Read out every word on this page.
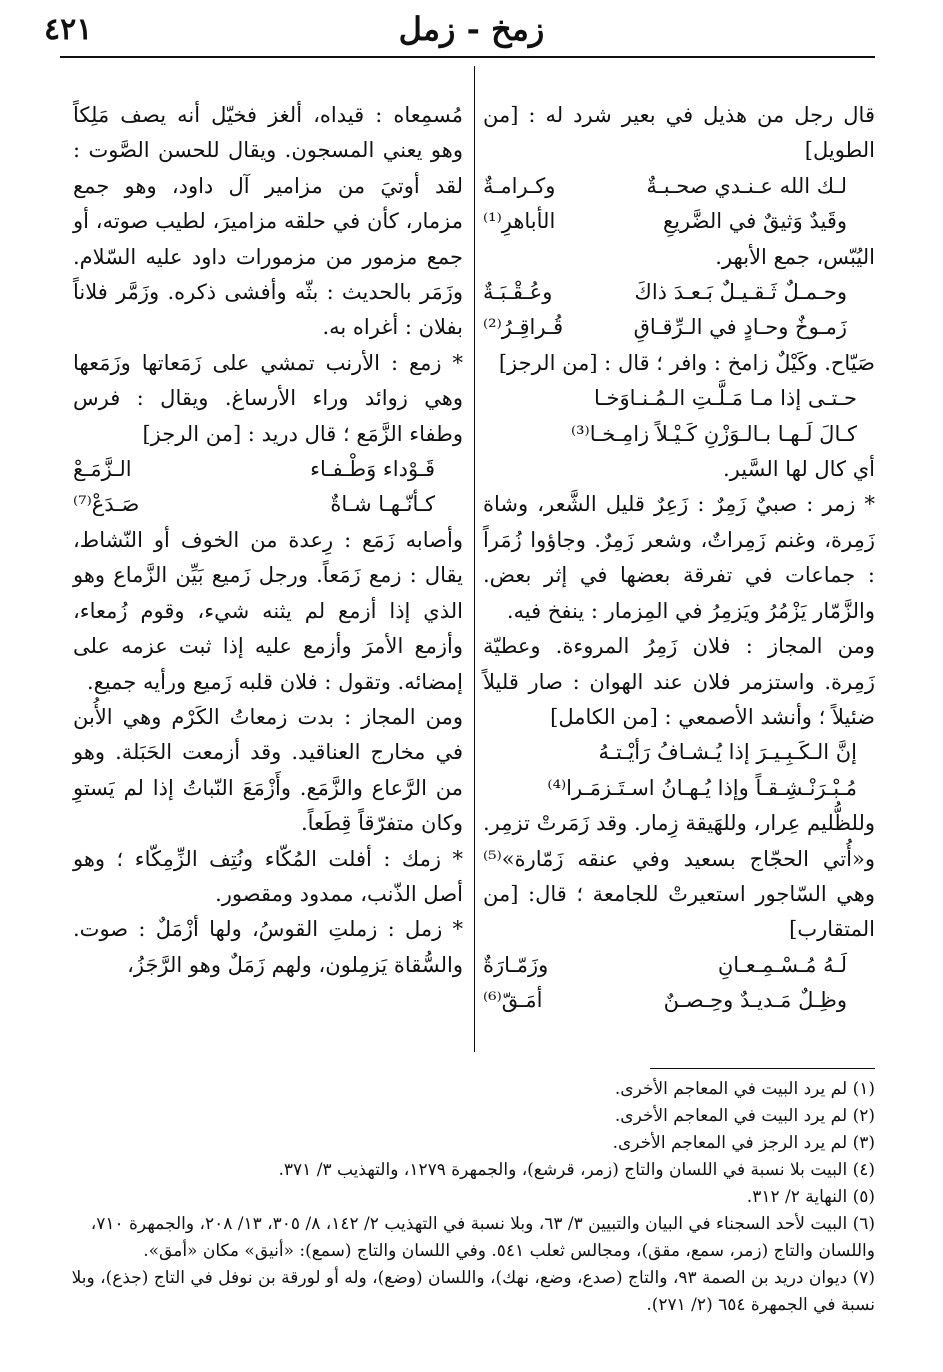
٤٢١	زمخ - زمل

قال رجل من هذيل في بعير شرد له : [من الطويل]

لـك الله عـنـدي صحـبـةٌ
وكـرامـةٌ
وقَيدٌ وَثيقٌ في الضَّريعِ
الأباهرِ⁽¹⁾

اليُبّس، جمع الأبهر.

وحـمـلٌ ثَـقـيـلٌ بَـعـدَ ذاكَ
وعُـقْـبَـةٌ
زَمـوخٌ وحـادٍ في الـرِّقـاقِ
قُـراقِـرُ⁽²⁾

صَيّاح. وكَيْلٌ زامخ : وافر ؛ قال : [من الرجز]

حـتـى إذا مـا مَـلَّـتِ الـمُـنـاوَخـا
كـالَ لَـهـا بـالـوَزْنِ كَـيْـلاً زامِـخـا⁽³⁾

أي كال لها السَّير.

* زمر : صبيٌ زَمِرٌ : زَعِرٌ قليل الشَّعر، وشاة زَمِرة، وغنم زَمِراتٌ، وشعر زَمِرٌ. وجاؤوا زُمَراً : جماعات في تفرقة بعضها في إثر بعض. والزَّمّار يَزْمُرُ ويَزمِرُ في المِزمار : ينفخ فيه.

ومن المجاز : فلان زَمِرُ المروءة. وعطيّة زَمِرة. واستزمر فلان عند الهوان : صار قليلاً ضئيلاً ؛ وأنشد الأصمعي : [من الكامل]

إنَّ الـكَـبِـيـرَ إذا يُـشـافُ رَأيْـتـهُ
مُـبْـرَنْـشِـقـاً وإذا يُـهـانُ اسـتَـزمَـرا⁽⁴⁾

وللظُّليم عِرار، وللهَيقة زِمار. وقد زَمَرتْ تزمِر. و«أُتي الحجّاج بسعيد وفي عنقه زَمّارة»⁽⁵⁾ وهي السّاجور استعيرتْ للجامعة ؛ قال: [من المتقارب]

لَـهُ مُـسْـمِـعـانِ
وزَمّـارَةٌ
وظِـلٌ مَـديـدٌ وحِـصـنٌ
أمَـقّ⁽⁶⁾

مُسمِعاه : قيداه، ألغز فخيّل أنه يصف مَلِكاً وهو يعني المسجون. ويقال للحسن الصَّوت : لقد أوتيَ من مزامير آل داود، وهو جمع مزمار، كأن في حلقه مزاميرَ، لطيب صوته، أو جمع مزمور من مزمورات داود عليه السّلام. وزَمَر بالحديث : بثّه وأفشى ذكره. وزَمَّر فلاناً بفلان : أغراه به.

* زمع : الأرنب تمشي على زَمَعاتها وزَمَعها وهي زوائد وراء الأرساغ. ويقال : فرس وطفاء الزَّمَع ؛ قال دريد : [من الرجز]

قَـوْداء وَطْـفـاء
الـزَّمَـعْ
كـأنّـهـا شـاةٌ
صَـدَعْ⁽⁷⁾

وأصابه زَمَع : رِعدة من الخوف أو النّشاط، يقال : زمع زَمَعاً. ورجل زَميع بَيِّن الزَّماع وهو الذي إذا أزمع لم يثنه شيء، وقوم زُمعاء، وأزمع الأمرَ وأزمع عليه إذا ثبت عزمه على إمضائه. وتقول : فلان قلبه زَميع ورأيه جميع.

ومن المجاز : بدت زمعاتُ الكَرْم وهي الأُبن في مخارج العناقيد. وقد أزمعت الحَبَلة. وهو من الرَّعاع والزَّمَع. وأَزْمَعَ النّباتُ إذا لم يَستوِ وكان متفرّقاً قِطَعاً.

* زمك : أفلت المُكّاء ونُتِف الزِّمِكّاء ؛ وهو أصل الذّنب، ممدود ومقصور.

* زمل : زملتِ القوسُ، ولها أزْمَلٌ : صوت. والسُّقاة يَزمِلون، ولهم زَمَلٌ وهو الرَّجَزُ،

(١) لم يرد البيت في المعاجم الأخرى.

(٢) لم يرد البيت في المعاجم الأخرى.

(٣) لم يرد الرجز في المعاجم الأخرى.

(٤) البيت بلا نسبة في اللسان والتاج (زمر، قرشع)، والجمهرة ١٢٧٩، والتهذيب ٣/ ٣٧١.

(٥) النهاية ٢/ ٣١٢.

(٦) البيت لأحد السجناء في البيان والتبيين ٣/ ٦٣، وبلا نسبة في التهذيب ٢/ ١٤٢، ٨/ ٣٠٥، ١٣/ ٢٠٨، والجمهرة ٧١٠، واللسان والتاج (زمر، سمع، مقق)، ومجالس ثعلب ٥٤١. وفي اللسان والتاج (سمع): «أنيق» مكان «أمق».

(٧) ديوان دريد بن الصمة ٩٣، والتاج (صدع، وضع، نهك)، واللسان (وضع)، وله أو لورقة بن نوفل في التاج (جذع)، وبلا نسبة في الجمهرة ٦٥٤ (٢/ ٢٧١).
